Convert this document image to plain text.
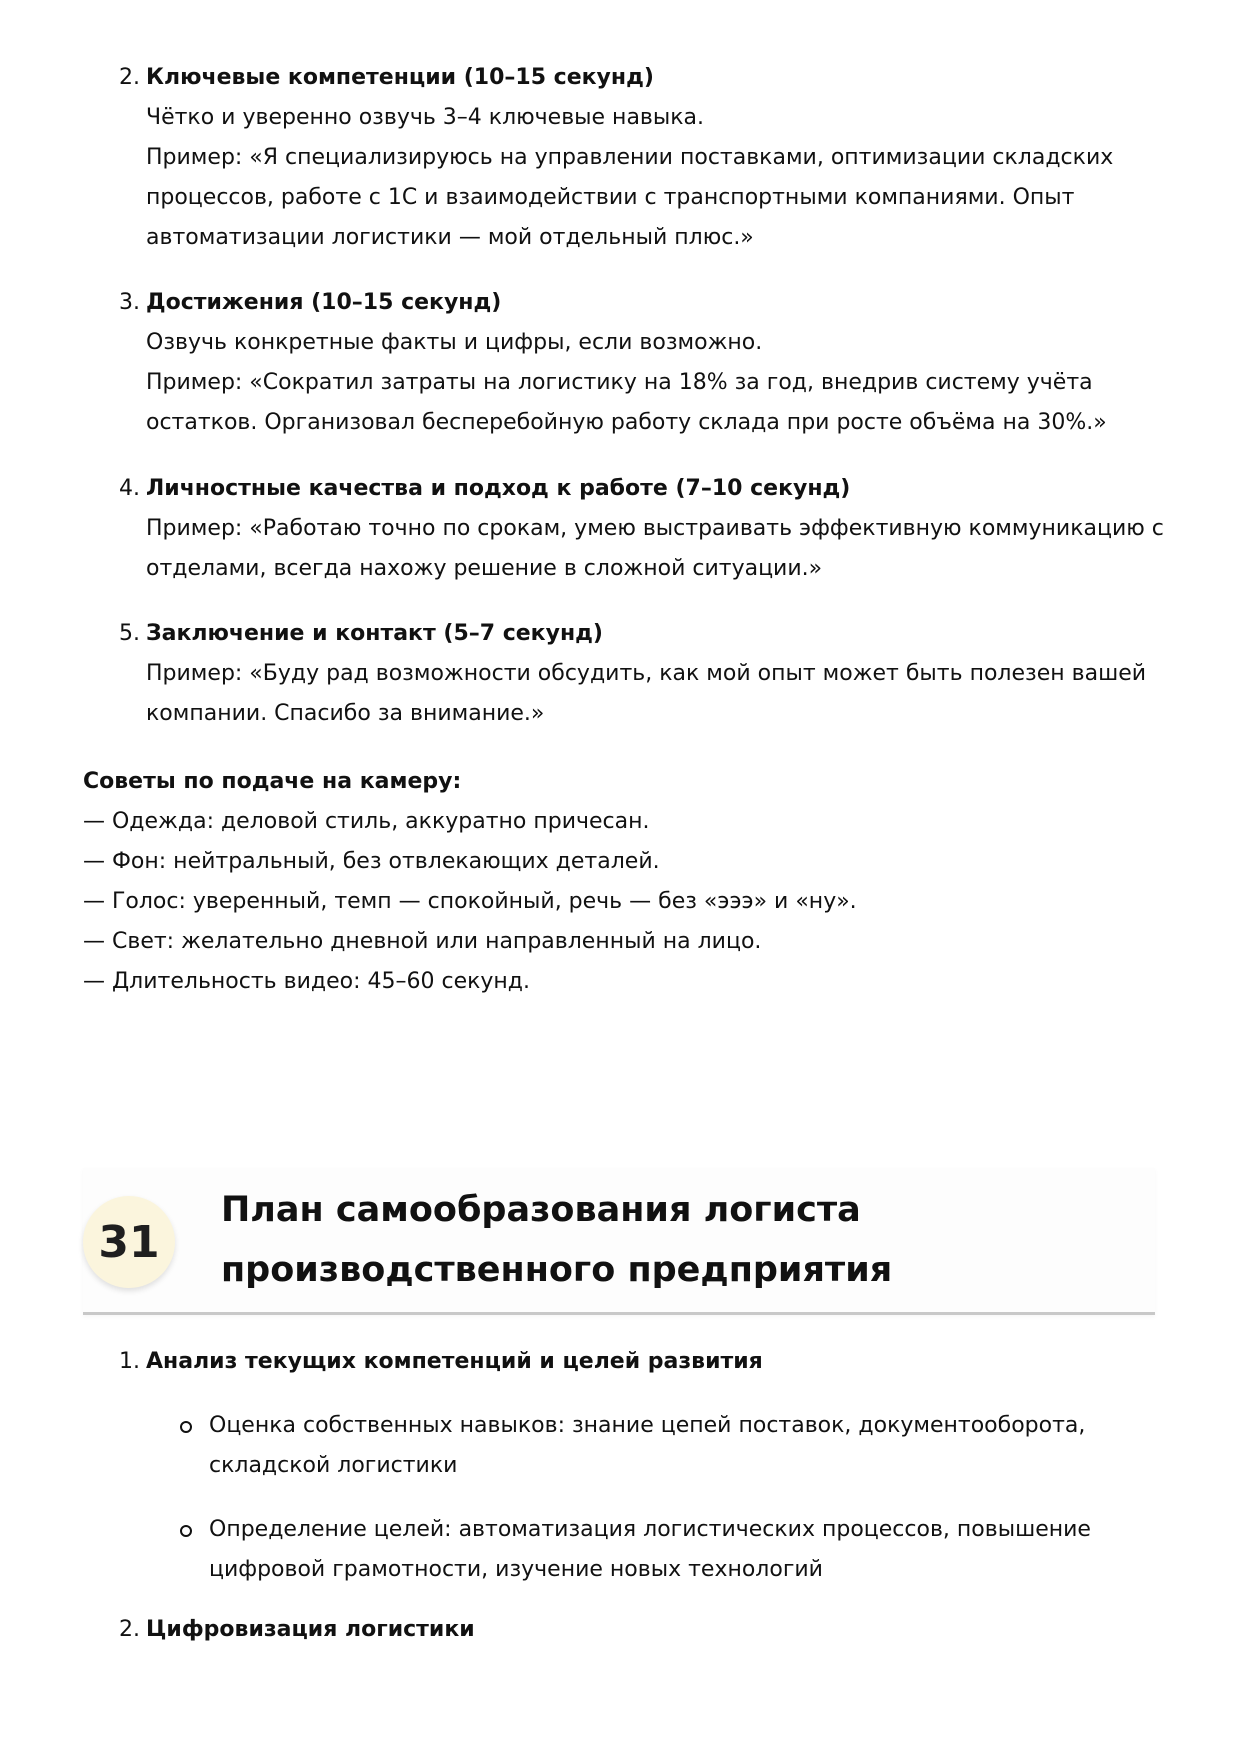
2. Ключевые компетенции (10–15 секунд)
Чётко и уверенно озвучь 3–4 ключевые навыка.
Пример: «Я специализируюсь на управлении поставками, оптимизации складских
процессов, работе с 1С и взаимодействии с транспортными компаниями. Опыт
автоматизации логистики — мой отдельный плюс.»
3. Достижения (10–15 секунд)
Озвучь конкретные факты и цифры, если возможно.
Пример: «Сократил затраты на логистику на 18% за год, внедрив систему учёта
остатков. Организовал бесперебойную работу склада при росте объёма на 30%.»
4. Личностные качества и подход к работе (7–10 секунд)
Пример: «Работаю точно по срокам, умею выстраивать эффективную коммуникацию с
отделами, всегда нахожу решение в сложной ситуации.»
5. Заключение и контакт (5–7 секунд)
Пример: «Буду рад возможности обсудить, как мой опыт может быть полезен вашей
компании. Спасибо за внимание.»
Советы по подаче на камеру:
— Одежда: деловой стиль, аккуратно причесан.
— Фон: нейтральный, без отвлекающих деталей.
— Голос: уверенный, темп — спокойный, речь — без «эээ» и «ну».
— Свет: желательно дневной или направленный на лицо.
— Длительность видео: 45–60 секунд.
31
План самообразования логиста
производственного предприятия
1. Анализ текущих компетенций и целей развития
Оценка собственных навыков: знание цепей поставок, документооборота,
складской логистики
Определение целей: автоматизация логистических процессов, повышение
цифровой грамотности, изучение новых технологий
2. Цифровизация логистики
